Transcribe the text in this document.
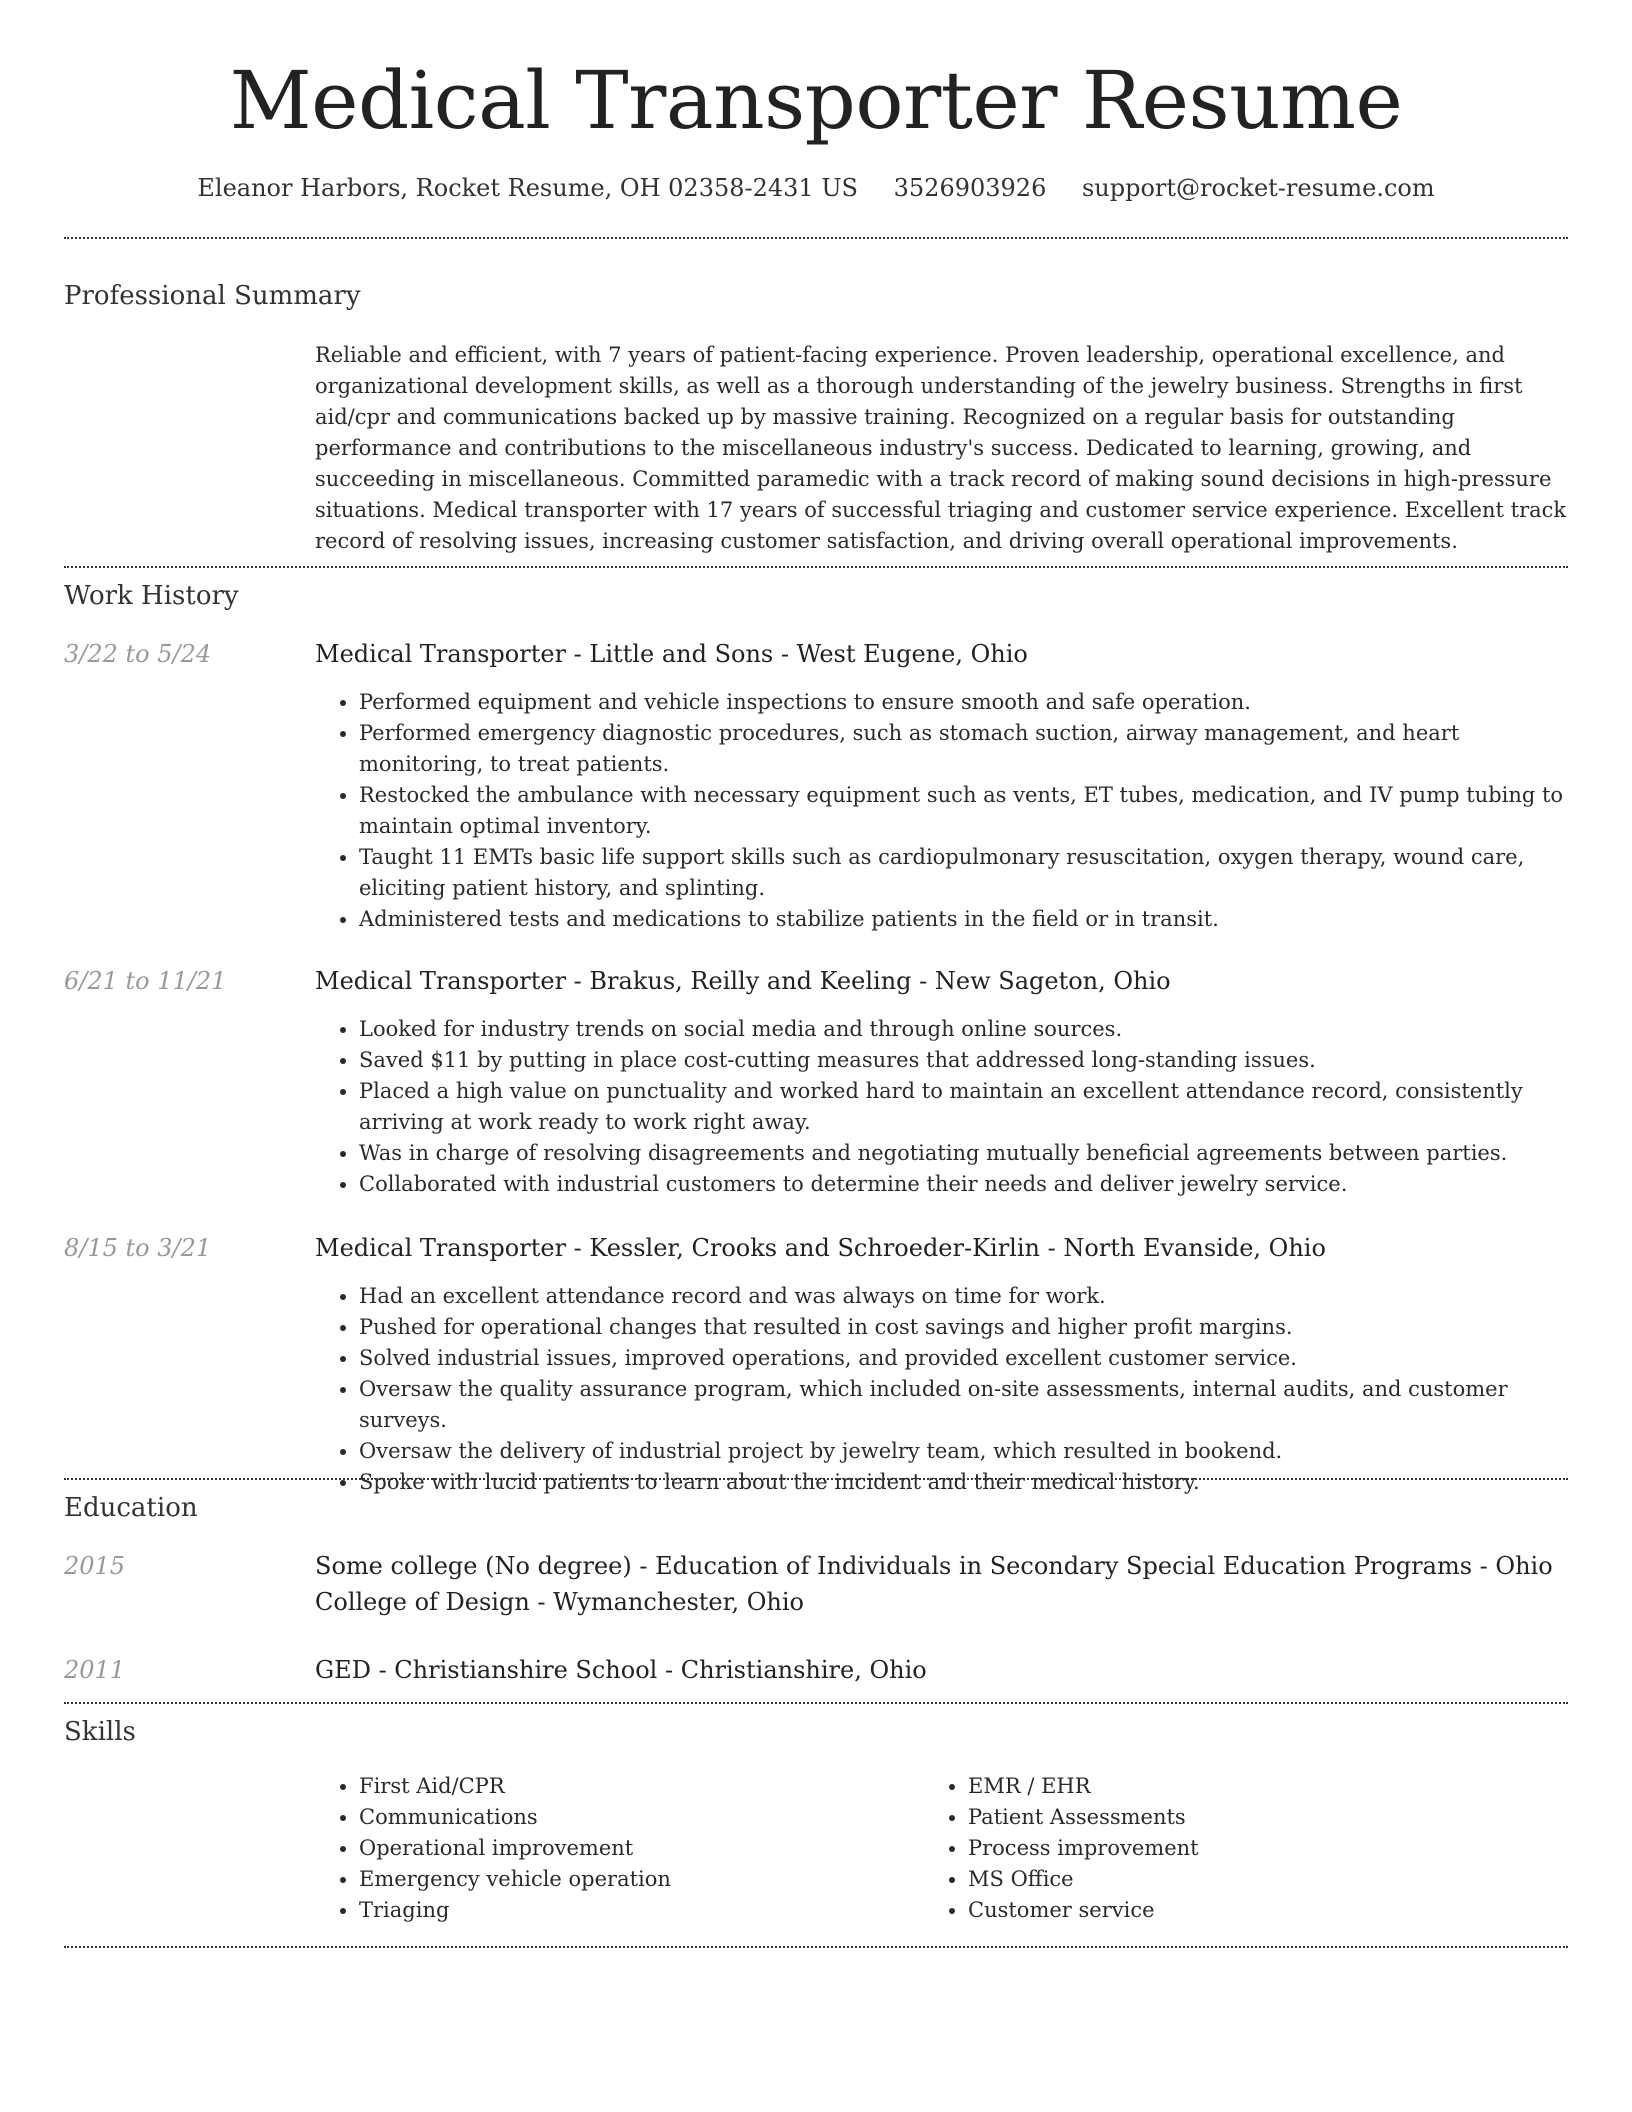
Medical Transporter Resume
Eleanor Harbors, Rocket Resume, OH 02358-2431 US 3526903926 support@rocket-resume.com
Professional Summary
Reliable and efficient, with 7 years of patient-facing experience. Proven leadership, operational excellence, and organizational development skills, as well as a thorough understanding of the jewelry business. Strengths in first aid/cpr and communications backed up by massive training. Recognized on a regular basis for outstanding performance and contributions to the miscellaneous industry's success. Dedicated to learning, growing, and succeeding in miscellaneous. Committed paramedic with a track record of making sound decisions in high-pressure situations. Medical transporter with 17 years of successful triaging and customer service experience. Excellent track record of resolving issues, increasing customer satisfaction, and driving overall operational improvements.
Work History
3/22 to 5/24	Medical Transporter - Little and Sons - West Eugene, Ohio
• Performed equipment and vehicle inspections to ensure smooth and safe operation.
• Performed emergency diagnostic procedures, such as stomach suction, airway management, and heart monitoring, to treat patients.
• Restocked the ambulance with necessary equipment such as vents, ET tubes, medication, and IV pump tubing to maintain optimal inventory.
• Taught 11 EMTs basic life support skills such as cardiopulmonary resuscitation, oxygen therapy, wound care, eliciting patient history, and splinting.
• Administered tests and medications to stabilize patients in the field or in transit.
6/21 to 11/21	Medical Transporter - Brakus, Reilly and Keeling - New Sageton, Ohio
• Looked for industry trends on social media and through online sources.
• Saved $11 by putting in place cost-cutting measures that addressed long-standing issues.
• Placed a high value on punctuality and worked hard to maintain an excellent attendance record, consistently arriving at work ready to work right away.
• Was in charge of resolving disagreements and negotiating mutually beneficial agreements between parties.
• Collaborated with industrial customers to determine their needs and deliver jewelry service.
8/15 to 3/21	Medical Transporter - Kessler, Crooks and Schroeder-Kirlin - North Evanside, Ohio
• Had an excellent attendance record and was always on time for work.
• Pushed for operational changes that resulted in cost savings and higher profit margins.
• Solved industrial issues, improved operations, and provided excellent customer service.
• Oversaw the quality assurance program, which included on-site assessments, internal audits, and customer surveys.
• Oversaw the delivery of industrial project by jewelry team, which resulted in bookend.
• Spoke with lucid patients to learn about the incident and their medical history.
Education
2015	Some college (No degree) - Education of Individuals in Secondary Special Education Programs - Ohio College of Design - Wymanchester, Ohio
2011	GED - Christianshire School - Christianshire, Ohio
Skills
• First Aid/CPR
• Communications
• Operational improvement
• Emergency vehicle operation
• Triaging
• EMR / EHR
• Patient Assessments
• Process improvement
• MS Office
• Customer service
